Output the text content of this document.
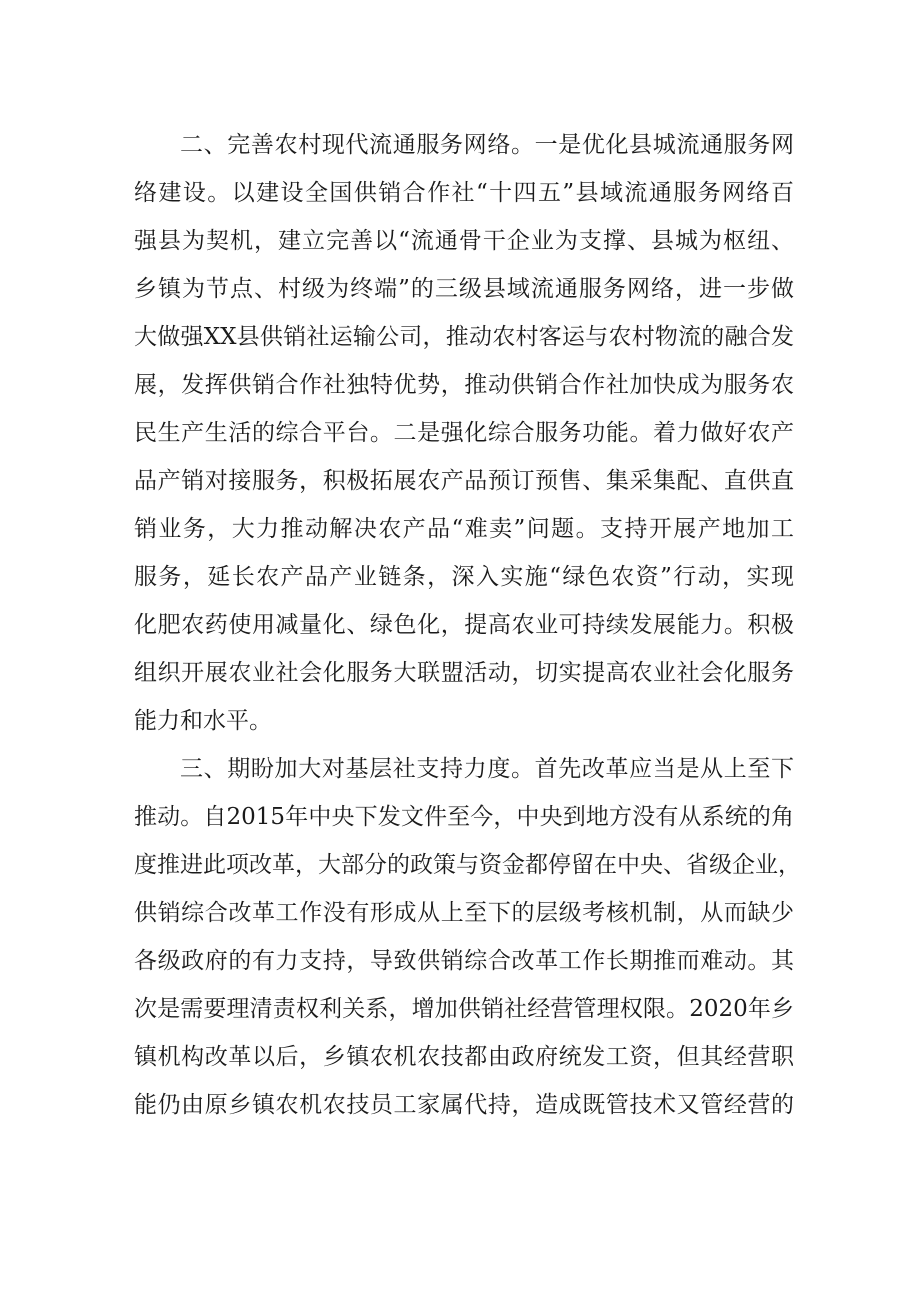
二、完善农村现代流通服务网络。一是优化县城流通服务网
络建设。以建设全国供销合作社“十四五”县域流通服务网络百
强县为契机，建立完善以“流通骨干企业为支撑、县城为枢纽、
乡镇为节点、村级为终端”的三级县域流通服务网络，进一步做
大做强XX县供销社运输公司，推动农村客运与农村物流的融合发
展，发挥供销合作社独特优势，推动供销合作社加快成为服务农
民生产生活的综合平台。二是强化综合服务功能。着力做好农产
品产销对接服务，积极拓展农产品预订预售、集采集配、直供直
销业务，大力推动解决农产品“难卖”问题。支持开展产地加工
服务，延长农产品产业链条，深入实施“绿色农资”行动，实现
化肥农药使用减量化、绿色化，提高农业可持续发展能力。积极
组织开展农业社会化服务大联盟活动，切实提高农业社会化服务
能力和水平。
三、期盼加大对基层社支持力度。首先改革应当是从上至下
推动。自2015年中央下发文件至今，中央到地方没有从系统的角
度推进此项改革，大部分的政策与资金都停留在中央、省级企业，
供销综合改革工作没有形成从上至下的层级考核机制，从而缺少
各级政府的有力支持，导致供销综合改革工作长期推而难动。其
次是需要理清责权利关系，增加供销社经营管理权限。2020年乡
镇机构改革以后，乡镇农机农技都由政府统发工资，但其经营职
能仍由原乡镇农机农技员工家属代持，造成既管技术又管经营的
